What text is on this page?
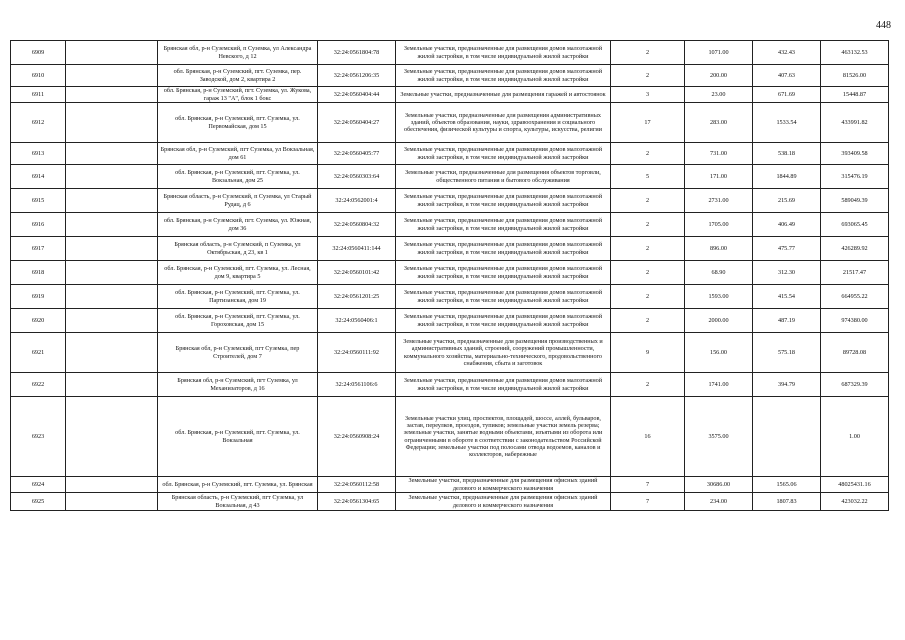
448
6909		Брянская обл, р-н Суземский, п Суземка, ул Александра Невского, д 12	32:24:0561804:78	Земельные участки, предназначенные для размещения домов малоэтажной жилой застройки, в том числе индивидуальной жилой застройки	2	1071.00	432.43	463132.53
6910		обл. Брянская, р-н Суземский, пгт. Суземка, пер. Заводской, дом 2, квартира 2	32:24:0561206:35	Земельные участки, предназначенные для размещения домов малоэтажной жилой застройки, в том числе индивидуальной жилой застройки	2	200.00	407.63	81526.00
6911		обл. Брянская, р-н Суземский, пгт. Суземка, ул. Жукова, гараж 13 "А", блок 1 бокс	32:24:0560404:44	Земельные участки, предназначенные для размещения гаражей и автостоянок	3	23.00	671.69	15448.87
6912		обл. Брянская, р-н Суземский, пгт. Суземка, ул. Первомайская, дом 15	32:24:0560404:27	Земельные участки, предназначенные для размещения административных зданий, объектов образования, науки, здравоохранения и социального обеспечения, физической культуры и спорта, культуры, искусства, религии	17	283.00	1533.54	433991.82
6913		Брянская обл, р-н Суземский, пгт Суземка, ул Вокзальная, дом 61	32:24:0560405:77	Земельные участки, предназначенные для размещения домов малоэтажной жилой застройки, в том числе индивидуальной жилой застройки	2	731.00	538.18	393409.58
6914		обл. Брянская, р-н Суземский, пгт. Суземка, ул. Вокзальная, дом 25	32:24:0560303:64	Земельные участки, предназначенные для размещения объектов торговли, общественного питания и бытового обслуживания	5	171.00	1844.89	315476.19
6915		Брянская область, р-н Суземский, п Суземка, ул Старый Рудац, д 6	32:24:0562001:4	Земельные участки, предназначенные для размещения домов малоэтажной жилой застройки, в том числе индивидуальной жилой застройки	2	2731.00	215.69	589049.39
6916		обл. Брянская, р-н Суземский, пгт. Суземка, ул. Южная, дом 36	32:24:0560804:32	Земельные участки, предназначенные для размещения домов малоэтажной жилой застройки, в том числе индивидуальной жилой застройки	2	1705.00	406.49	693065.45
6917		Брянская область, р-н Суземский, п Суземка, ул Октябрьская, д 23, кв 1	32:24:0560411:144	Земельные участки, предназначенные для размещения домов малоэтажной жилой застройки, в том числе индивидуальной жилой застройки	2	896.00	475.77	426289.92
6918		обл. Брянская, р-н Суземский, пгт. Суземка, ул. Лесная, дом 9, квартира 5	32:24:0560101:42	Земельные участки, предназначенные для размещения домов малоэтажной жилой застройки, в том числе индивидуальной жилой застройки	2	68.90	312.30	21517.47
6919		обл. Брянская, р-н Суземский, пгт. Суземка, ул. Партизанская, дом 19	32:24:0561201:25	Земельные участки, предназначенные для размещения домов малоэтажной жилой застройки, в том числе индивидуальной жилой застройки	2	1593.00	415.54	664955.22
6920		обл. Брянская, р-н Суземский, пгт. Суземка, ул. Гороховская, дом 15	32:24:0560406:1	Земельные участки, предназначенные для размещения домов малоэтажной жилой застройки, в том числе индивидуальной жилой застройки	2	2000.00	487.19	974380.00
6921		Брянская обл, р-н Суземский, пгт Суземка, пер Строителей, дом 7	32:24:0560111:92	Земельные участки, предназначенные для размещения производственных и административных зданий, строений, сооружений промышленности, коммунального хозяйства, материально-технического, продовольственного снабжения, сбыта и заготовок	9	156.00	575.18	89728.08
6922		Брянская обл, р-н Суземский, пгт Суземка, ул Механизаторов, д 16	32:24:0561106:6	Земельные участки, предназначенные для размещения домов малоэтажной жилой застройки, в том числе индивидуальной жилой застройки	2	1741.00	394.79	687329.39
6923		обл. Брянская, р-н Суземский, пгт. Суземка, ул. Вокзальная	32:24:0560908:24	Земельные участки улиц, проспектов, площадей, шоссе, аллей, бульваров, застав, переулков, проездов, тупиков; земельные участки земель резерва; земельные участки, занятые водными объектами, изъятыми из оборота или ограниченными в обороте в соответствии с законодательством Российской Федерации; земельные участки под полосами отвода водоемов, каналов и коллекторов, набережные	16	3575.00		1.00
6924		обл. Брянская, р-н Суземский, пгт. Суземка, ул. Брянская	32:24:0560112:58	Земельные участки, предназначенные для размещения офисных зданий делового и коммерческого назначения	7	30686.00	1565.06	48025431.16
6925		Брянская область, р-н Суземский, пгт Суземка, ул Вокзальная, д 43	32:24:0561304:65	Земельные участки, предназначенные для размещения офисных зданий делового и коммерческого назначения	7	234.00	1807.83	423032.22
